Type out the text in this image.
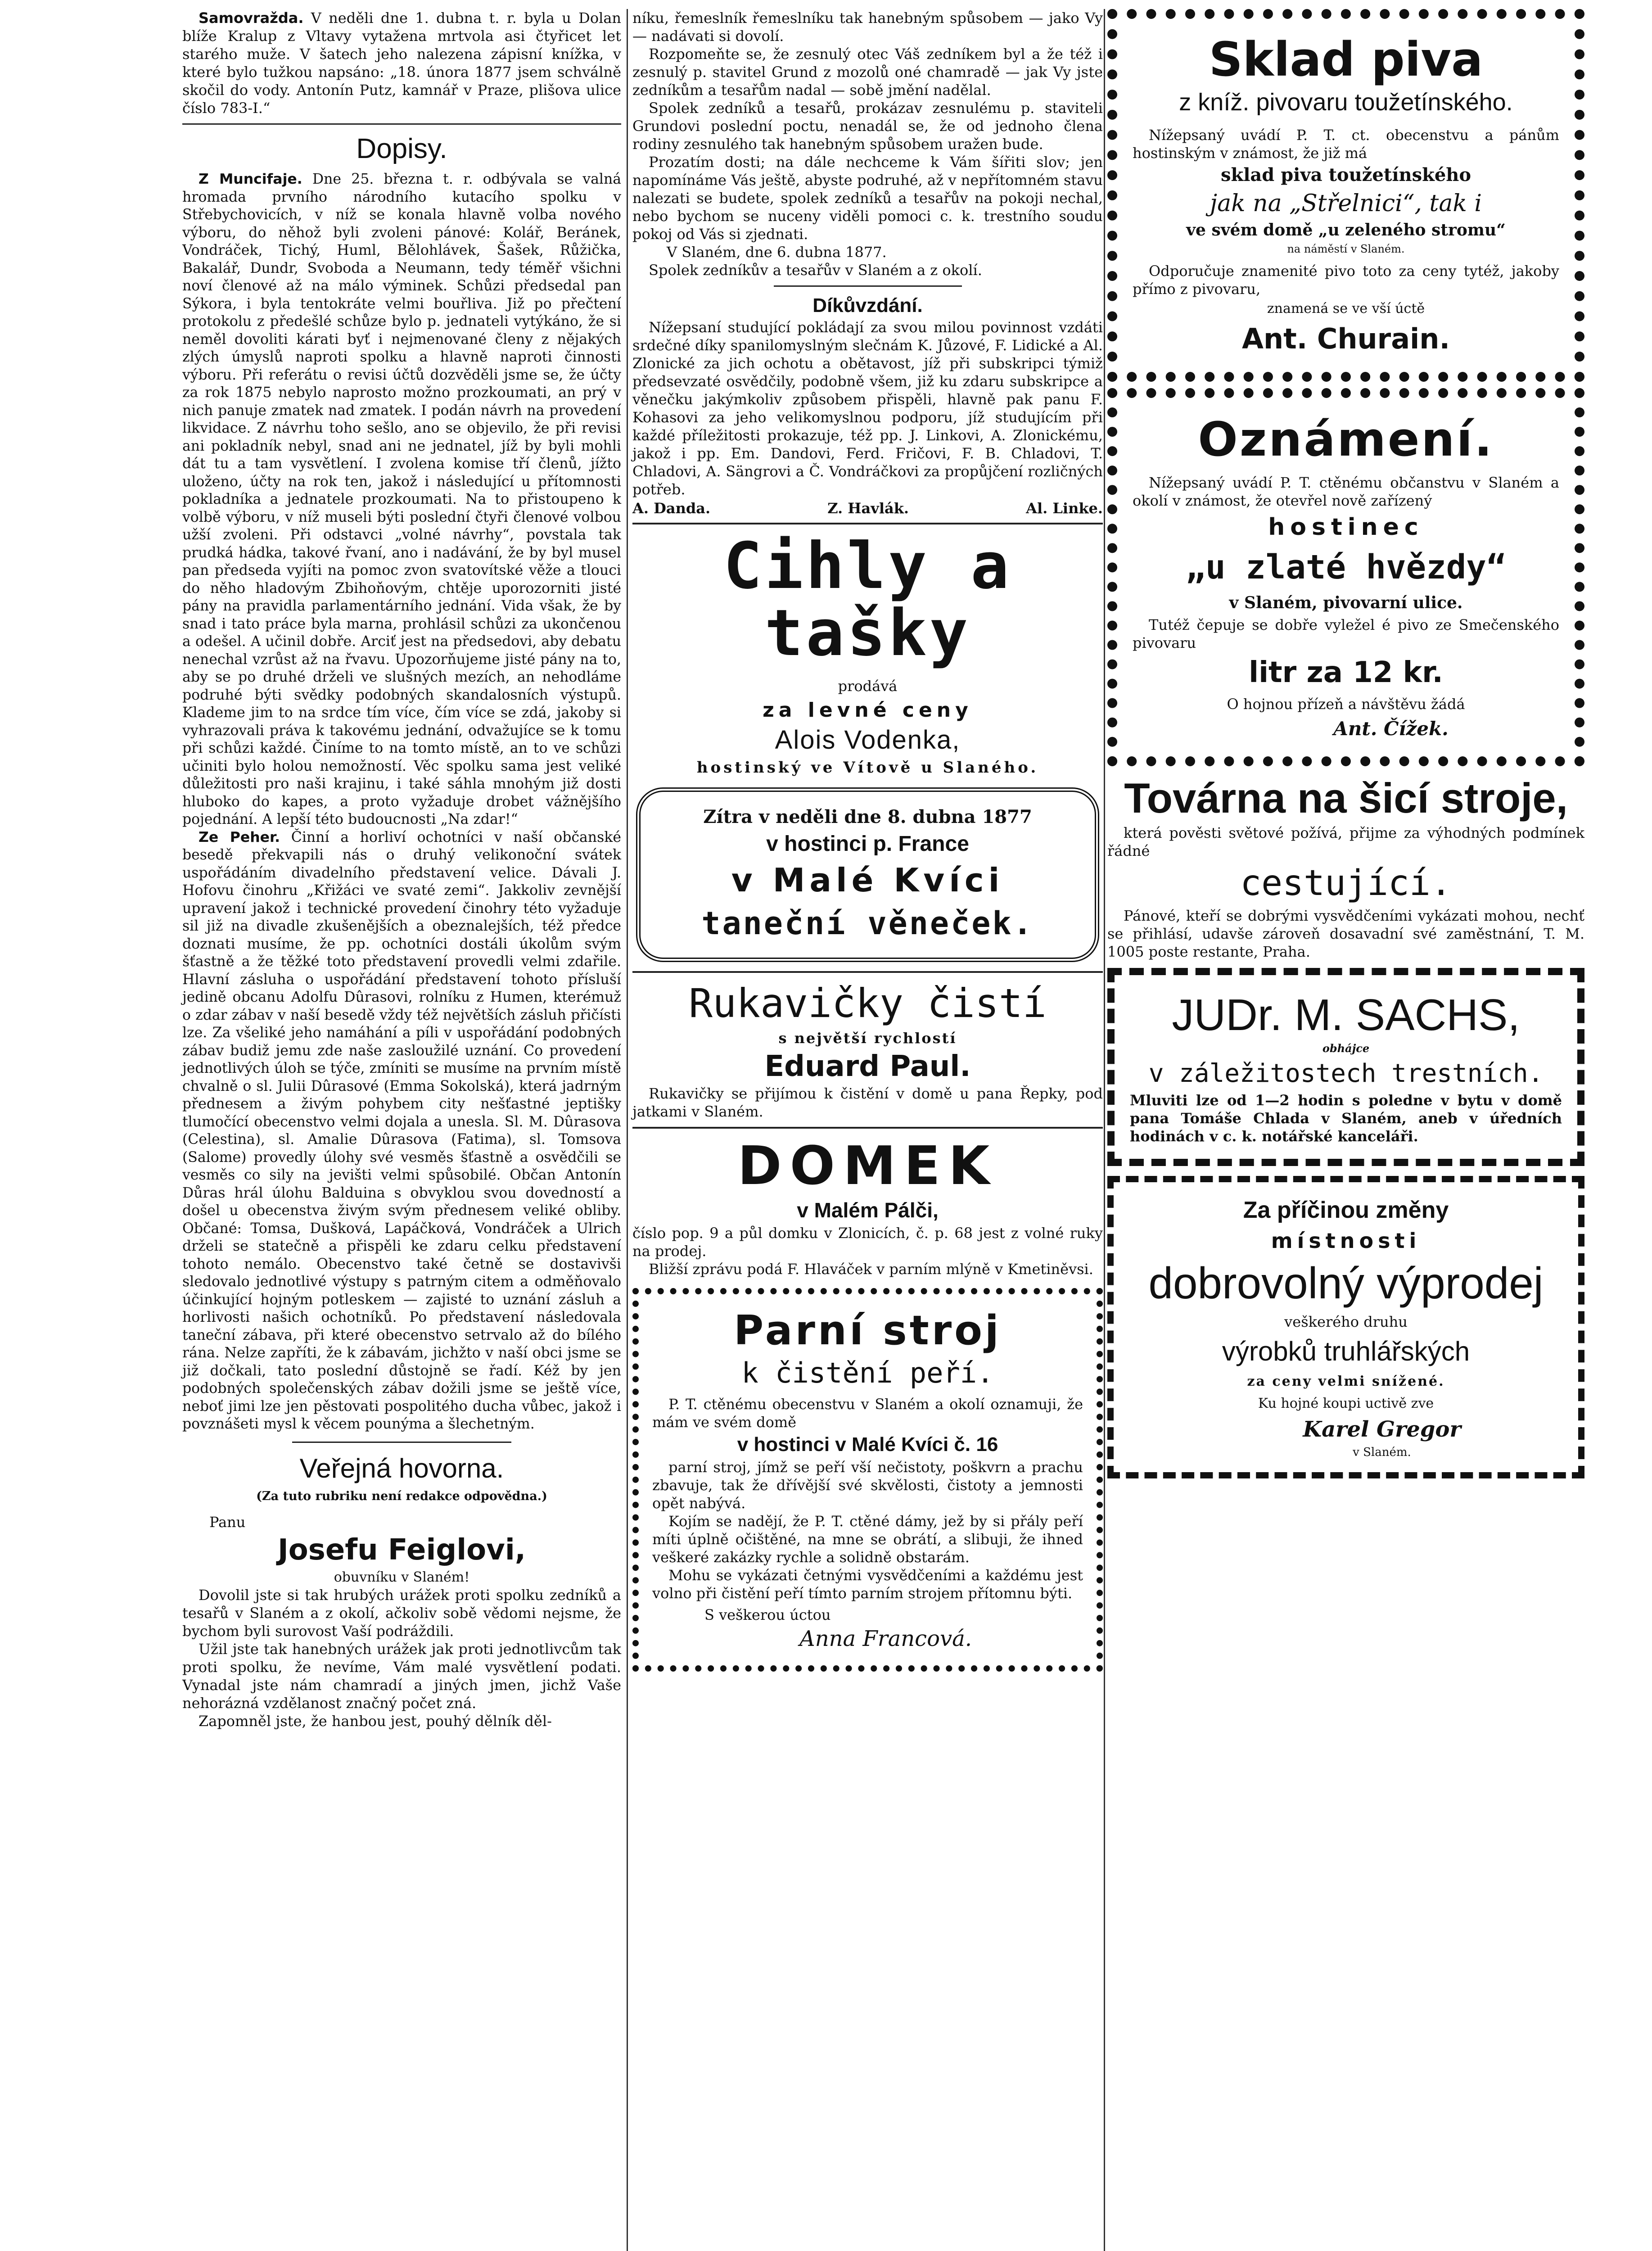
Samovražda. V neděli dne 1. dubna t. r. byla u Dolan blíže Kralup z Vltavy vytažena mrtvola asi čtyřicet let starého muže. V šatech jeho nalezena zápisní knížka, v které bylo tužkou napsáno: „18. února 1877 jsem schválně skočil do vody. Antonín Putz, kamnář v Praze, plišova ulice číslo 783-I.“

Dopisy.

Z Muncifaje. Dne 25. března t. r. odbývala se valná hromada prvního národního kutacího spolku v Střebychovicích, v níž se konala hlavně volba nového výboru, do něhož byli zvoleni pánové: Kolář, Beránek, Vondráček, Tichý, Huml, Bělohlávek, Šašek, Růžička, Bakalář, Dundr, Svoboda a Neumann, tedy téměř všichni noví členové až na málo výminek. Schůzi předsedal pan Sýkora, i byla tentokráte velmi bouřliva. Již po přečtení protokolu z předešlé schůze bylo p. jednateli vytýkáno, že si neměl dovoliti kárati byť i nejmenované členy z nějakých zlých úmyslů naproti spolku a hlavně naproti činnosti výboru. Při referátu o revisi účtů dozvěděli jsme se, že účty za rok 1875 nebylo naprosto možno prozkoumati, an prý v nich panuje zmatek nad zmatek. I podán návrh na provedení likvidace. Z návrhu toho sešlo, ano se objevilo, že při revisi ani pokladník nebyl, snad ani ne jednatel, jíž by byli mohli dát tu a tam vysvětlení. I zvolena komise tří členů, jížto uloženo, účty na rok ten, jakož i následující u přítomnosti pokladníka a jednatele prozkoumati. Na to přistoupeno k volbě výboru, v níž museli býti poslední čtyři členové volbou užší zvoleni. Při odstavci „volné návrhy“, povstala tak prudká hádka, takové řvaní, ano i nadávání, že by byl musel pan předseda vyjíti na pomoc zvon svatovítské věže a tlouci do něho hladovým Zbihoňovým, chtěje uporozorniti jisté pány na pravidla parlamentárního jednání. Vida však, že by snad i tato práce byla marna, prohlásil schůzi za ukončenou a odešel. A učinil dobře. Arciť jest na předsedovi, aby debatu nenechal vzrůst až na řvavu. Upozorňujeme jisté pány na to, aby se po druhé drželi ve slušných mezích, an nehodláme podruhé býti svědky podobných skandalosních výstupů. Klademe jim to na srdce tím více, čím více se zdá, jakoby si vyhrazovali práva k takovému jednání, odvažujíce se k tomu při schůzi každé. Činíme to na tomto místě, an to ve schůzi učiniti bylo holou nemožností. Věc spolku sama jest veliké důležitosti pro naši krajinu, i také sáhla mnohým již dosti hluboko do kapes, a proto vyžaduje drobet vážnějšího pojednání. A lepší této budoucnosti „Na zdar!“

Ze Peher. Činní a horliví ochotníci v naší občanské besedě překvapili nás o druhý velikonoční svátek uspořádáním divadelního představení velice. Dávali J. Hofovu činohru „Křižáci ve svaté zemi“. Jakkoliv zevnější upravení jakož i technické provedení činohry této vyžaduje sil již na divadle zkušenějších a obeznalejších, též předce doznati musíme, že pp. ochotníci dostáli úkolům svým šťastně a že těžké toto představení provedli velmi zdařile. Hlavní zásluha o uspořádání představení tohoto přísluší jedině obcanu Adolfu Dûrasovi, rolníku z Humen, kterémuž o zdar zábav v naší besedě vždy též největších zásluh přičísti lze. Za všeliké jeho namáhání a píli v uspořádání podobných zábav budiž jemu zde naše zasloužilé uznání. Co provedení jednotlivých úloh se týče, zmíniti se musíme na prvním místě chvalně o sl. Julii Dûrasové (Emma Sokolská), která jadrným přednesem a živým pohybem city nešťastné jeptišky tlumočící obecenstvo velmi dojala a unesla. Sl. M. Dûrasova (Celestina), sl. Amalie Dûrasova (Fatima), sl. Tomsova (Salome) provedly úlohy své vesměs šťastně a osvědčili se vesměs co sily na jevišti velmi spůsobilé. Občan Antonín Důras hrál úlohu Balduina s obvyklou svou dovedností a došel u obecenstva živým svým přednesem veliké obliby. Občané: Tomsa, Dušková, Lapáčková, Vondráček a Ulrich drželi se statečně a přispěli ke zdaru celku představení tohoto nemálo. Obecenstvo také četně se dostavivši sledovalo jednotlivé výstupy s patrným citem a odměňovalo účinkující hojným potleskem — zajisté to uznání zásluh a horlivosti našich ochotníků. Po představení následovala taneční zábava, při které obecenstvo setrvalo až do bílého rána. Nelze zapříti, že k zábavám, jichžto v naší obci jsme se již dočkali, tato poslední důstojně se řadí. Kéž by jen podobných společenských zábav dožili jsme se ještě více, neboť jimi lze jen pěstovati pospolitého ducha vůbec, jakož i povznášeti mysl k věcem pounýma a šlechetným.

Veřejná hovorna.
(Za tuto rubriku není redakce odpovědna.)

Panu

Josefu Feiglovi,
obuvníku v Slaném!

Dovolil jste si tak hrubých urážek proti spolku zedníků a tesařů v Slaném a z okolí, ačkoliv sobě vědomi nejsme, že bychom byli surovost Vaší podráždili.

Užil jste tak hanebných urážek jak proti jednotlivcům tak proti spolku, že nevíme, Vám malé vysvětlení podati. Vynadal jste nám chamradí a jiných jmen, jichž Vaše nehorázná vzdělanost značný počet zná.

Zapomněl jste, že hanbou jest, pouhý dělník děl-

níku, řemeslník řemeslníku tak hanebným spůsobem — jako Vy — nadávati si dovolí.

Rozpomeňte se, že zesnulý otec Váš zedníkem byl a že též i zesnulý p. stavitel Grund z mozolů oné chamradě — jak Vy jste zedníkům a tesařům nadal — sobě jmění nadělal.

Spolek zedníků a tesařů, prokázav zesnulému p. staviteli Grundovi poslední poctu, nenadál se, že od jednoho člena rodiny zesnulého tak hanebným spůsobem uražen bude.

Prozatím dosti; na dále nechceme k Vám šířiti slov; jen napomínáme Vás ještě, abyste podruhé, až v nepřítomném stavu nalezati se budete, spolek zedníků a tesařův na pokoji nechal, nebo bychom se nuceny viděli pomoci c. k. trestního soudu pokoj od Vás si zjednati.

V Slaném, dne 6. dubna 1877.

Spolek zedníkův a tesařův v Slaném a z okolí.

Díkůvzdání.

Nížepsaní studující pokládají za svou milou povinnost vzdáti srdečné díky spanilomyslným slečnám K. Jůzové, F. Lidické a Al. Zlonické za jich ochotu a obětavost, jíž při subskripci týmiž předsevzaté osvědčily, podobně všem, již ku zdaru subskripce a věnečku jakýmkoliv způsobem přispěli, hlavně pak panu F. Kohasovi za jeho velikomyslnou podporu, jíž studujícím při každé příležitosti prokazuje, též pp. J. Linkovi, A. Zlonickému, jakož i pp. Em. Dandovi, Ferd. Fričovi, F. B. Chladovi, T. Chladovi, A. Sängrovi a Č. Vondráčkovi za propůjčení rozličných potřeb.

A. Danda.	Z. Havlák.	Al. Linke.
Cihly a tašky
prodává
za levné ceny
Alois Vodenka,
hostinský ve Vítově u Slaného.
Zítra v neděli dne 8. dubna 1877
v hostinci p. France
v Malé Kvíci
taneční věneček.
Rukavičky čistí
s největší rychlostí
Eduard Paul.

Rukavičky se přijímou k čistění v domě u pana Řepky, pod jatkami v Slaném.

DOMEK
v Malém Pálči,

číslo pop. 9 a půl domku v Zlonicích, č. p. 68 jest z volné ruky na prodej.

Bližší zprávu podá F. Hlaváček v parním mlýně v Kmetiněvsi.

Parní stroj
k čistění peří.

P. T. ctěnému obecenstvu v Slaném a okolí oznamuji, že mám ve svém domě

v hostinci v Malé Kvíci č. 16

parní stroj, jímž se peří vší nečistoty, poškvrn a prachu zbavuje, tak že dřívější své skvělosti, čistoty a jemnosti opět nabývá.

Kojím se nadějí, že P. T. ctěné dámy, jež by si přály peří míti úplně očištěné, na mne se obrátí, a slibuji, že ihned veškeré zakázky rychle a solidně obstarám.

Mohu se vykázati četnými vysvědčeními a každému jest volno při čistění peří tímto parním strojem přítomnu býti.

S veškerou úctou

Anna Francová.
Sklad piva
z kníž. pivovaru toužetínského.

Nížepsaný uvádí P. T. ct. obecenstvu a pánům hostinským v známost, že již má

sklad piva toužetínského
jak na „Střelnici“, tak i
ve svém domě „u zeleného stromu“
na náměstí v Slaném.

Odporučuje znamenité pivo toto za ceny tytéž, jakoby přímo z pivovaru,

znamená se ve vší úctě
Ant. Churain.
Oznámení.

Nížepsaný uvádí P. T. ctěnému občanstvu v Slaném a okolí v známost, že otevřel nově zařízený

hostinec
„u zlaté hvězdy“
v Slaném, pivovarní ulice.

Tutéž čepuje se dobře vyležel é pivo ze Smečenského pivovaru

litr za 12 kr.
O hojnou přízeň a návštěvu žádá
Ant. Čížek.
Továrna na šicí stroje,

která pověsti světové požívá, přijme za výhodných podmínek řádné

cestující.

Pánové, kteří se dobrými vysvědčeními vykázati mohou, nechť se přihlásí, udavše zároveň dosavadní své zaměstnání, T. M. 1005 poste restante, Praha.

JUDr. M. SACHS,
obhájce
v záležitostech trestních.

Mluviti lze od 1—2 hodin s poledne v bytu v domě pana Tomáše Chlada v Slaném, aneb v úředních hodinách v c. k. notářské kanceláři.

Za příčinou změny
místnosti
dobrovolný výprodej
veškerého druhu
výrobků truhlářských
za ceny velmi snížené.
Ku hojné koupi uctivě zve
Karel Gregor
v Slaném.
